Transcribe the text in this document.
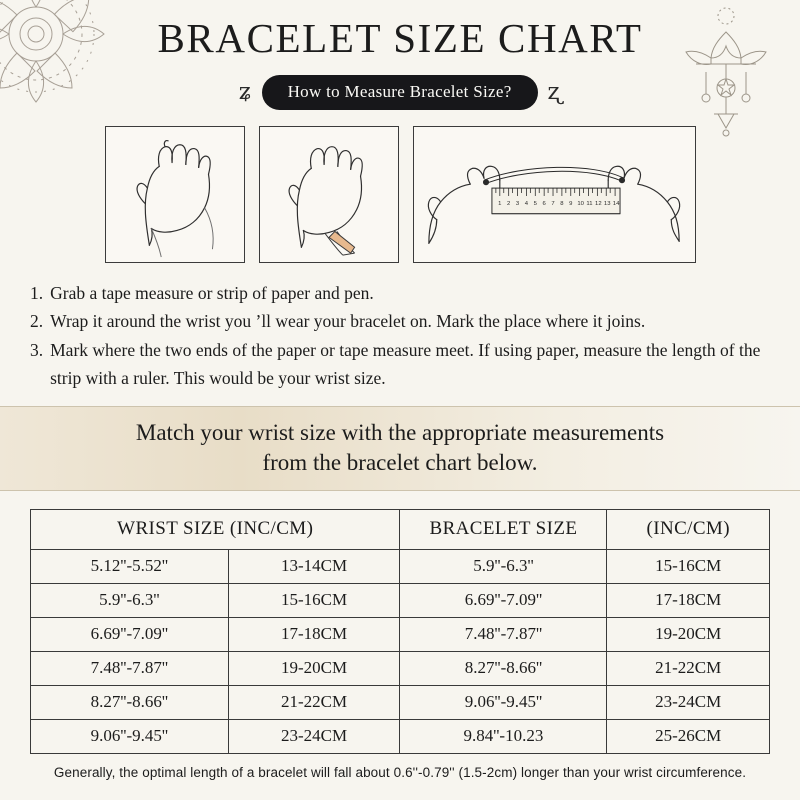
BRACELET SIZE CHART
ʑ	How to Measure Bracelet Size?	ʐ
1 2 3 4 5 6 7 8 9 10 11 12 13 14
1. Grab a tape measure or strip of paper and pen.
2. Wrap it around the wrist you ’ll wear your bracelet on. Mark the place where it joins.
3. Mark where the two ends of the paper or tape measure meet. If using paper, measure the length of the strip with a ruler. This would be your wrist size.
Match your wrist size with the appropriate measurements
from the bracelet chart below.
WRIST SIZE (INC/CM)		BRACELET SIZE	(INC/CM)
5.12''-5.52''	13-14CM	5.9''-6.3''	15-16CM
5.9''-6.3''	15-16CM	6.69''-7.09''	17-18CM
6.69''-7.09''	17-18CM	7.48''-7.87''	19-20CM
7.48''-7.87''	19-20CM	8.27''-8.66''	21-22CM
8.27''-8.66''	21-22CM	9.06''-9.45''	23-24CM
9.06''-9.45''	23-24CM	9.84''-10.23	25-26CM
Generally, the optimal length of a bracelet will fall about 0.6''-0.79'' (1.5-2cm) longer than your wrist circumference.
